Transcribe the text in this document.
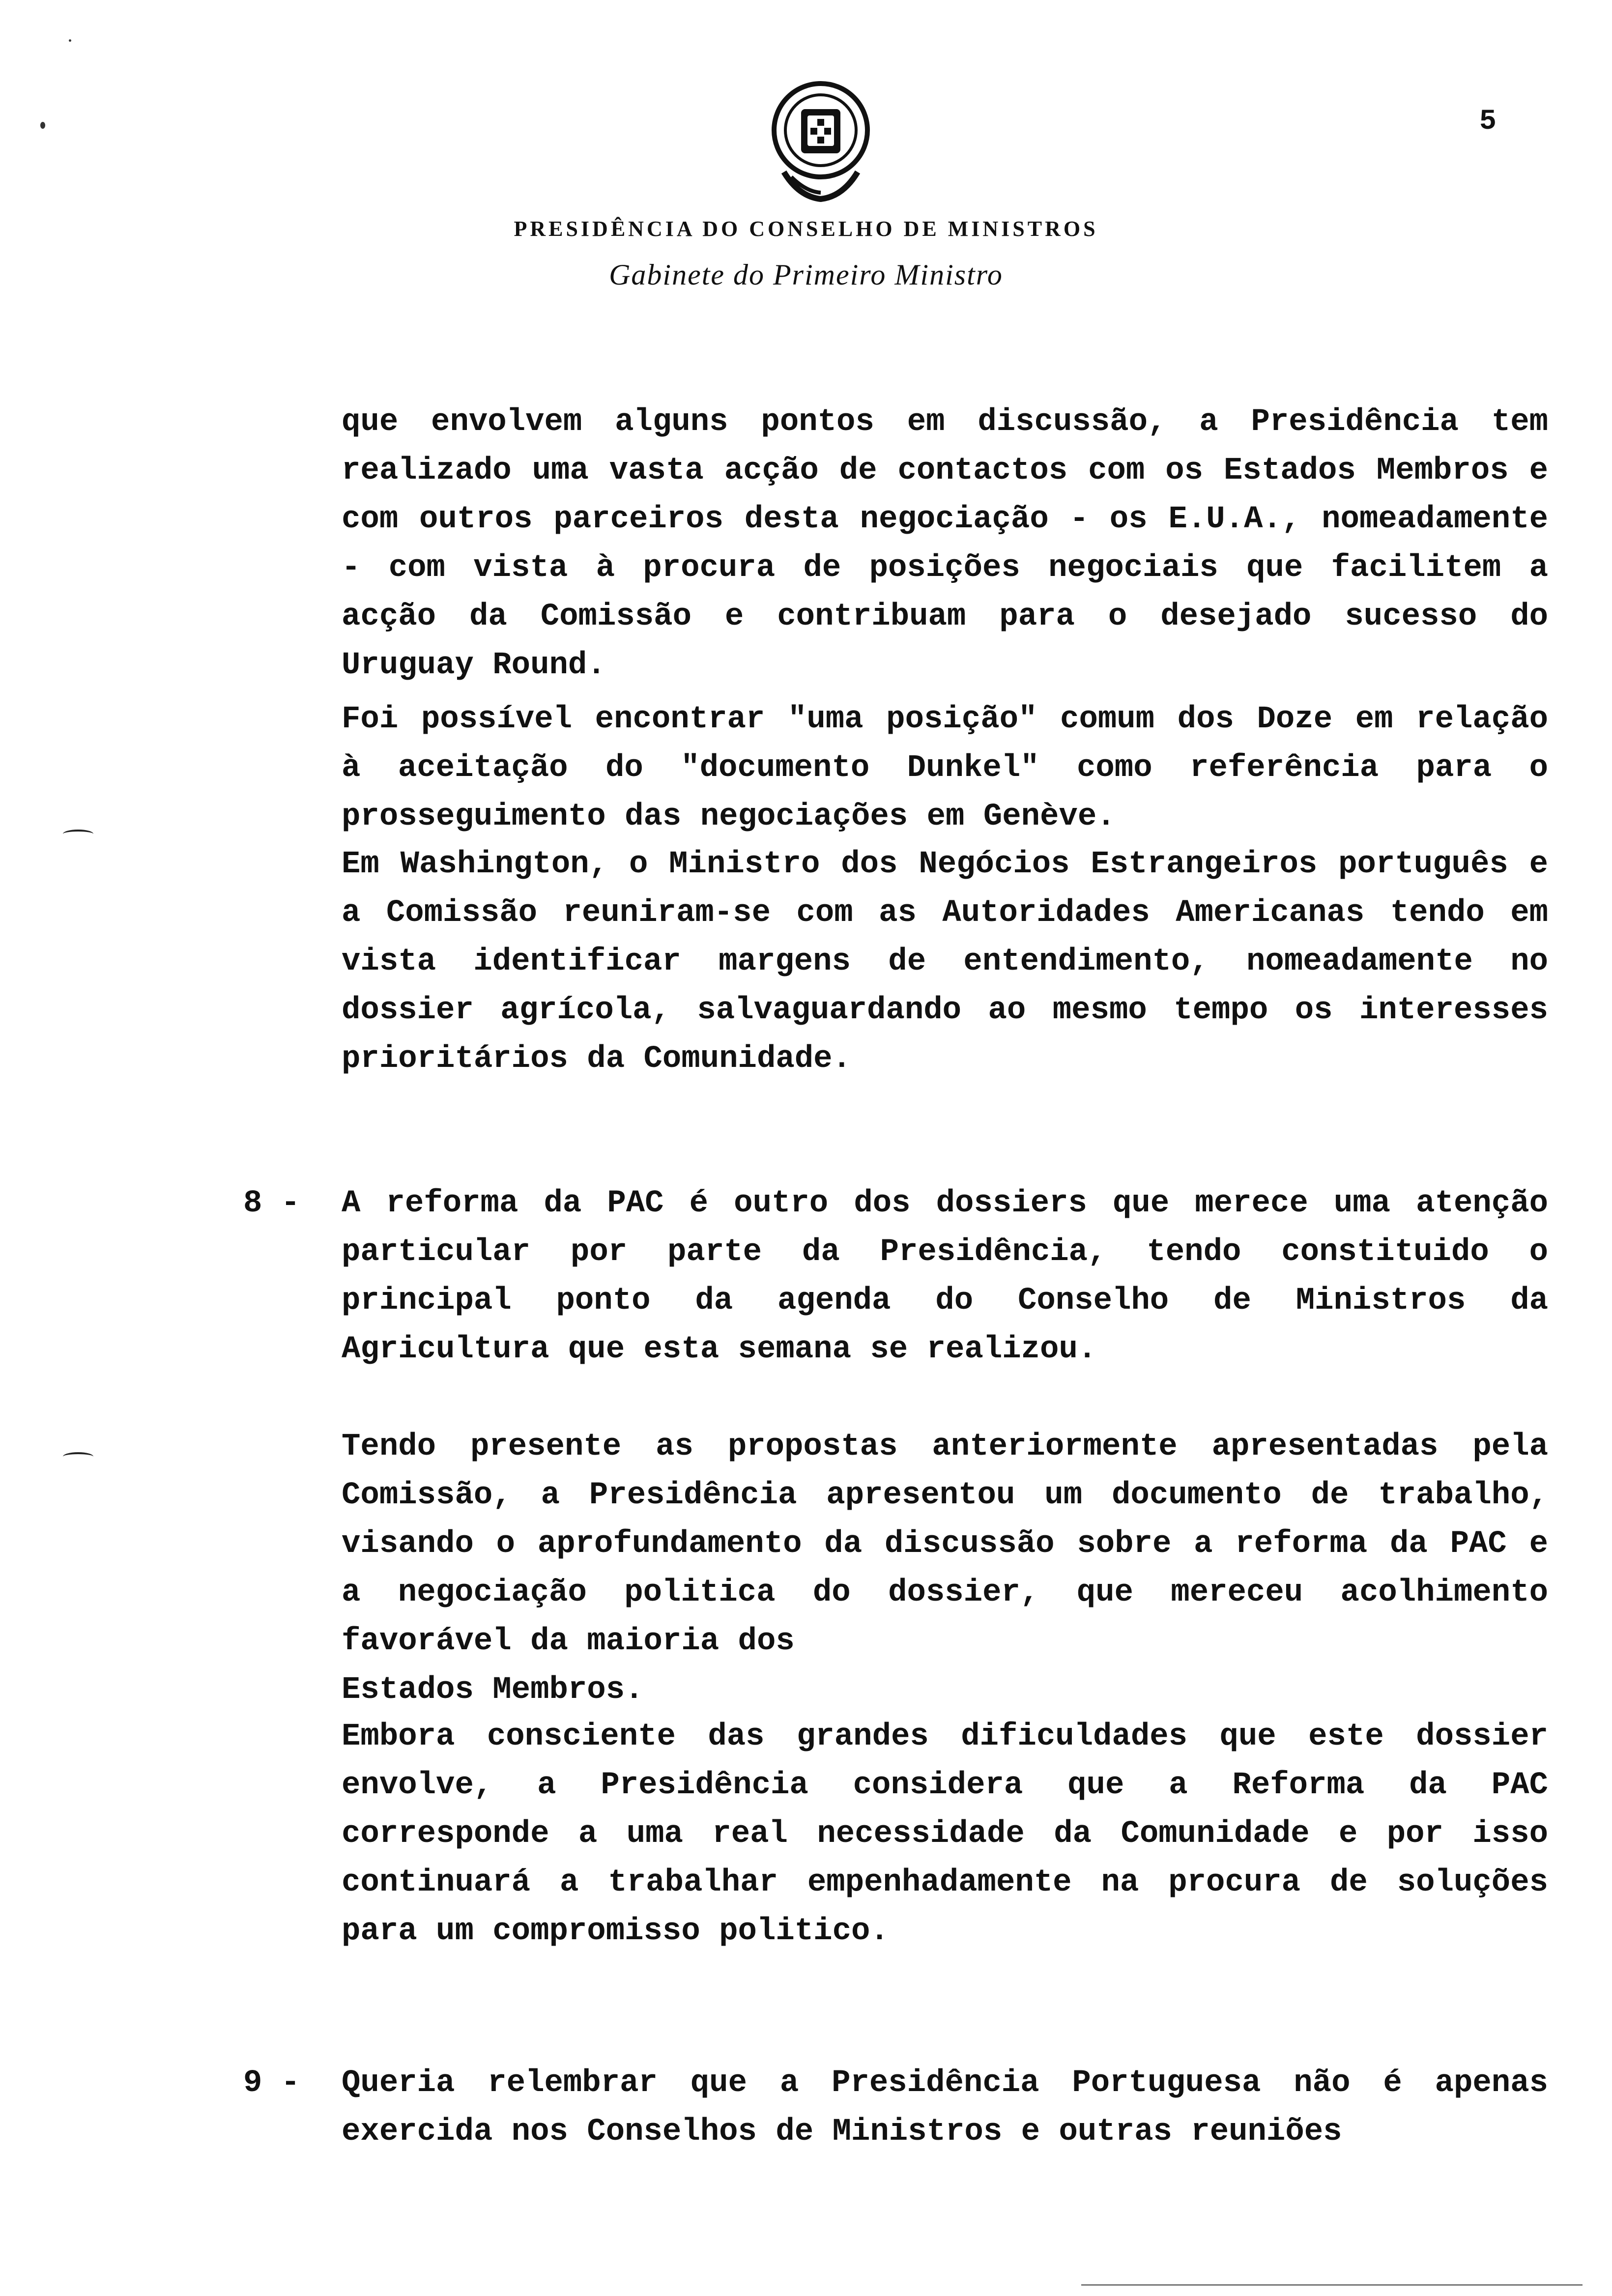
5
PRESIDÊNCIA DO CONSELHO DE MINISTROS
Gabinete do Primeiro Ministro

que envolvem alguns pontos em discussão, a Presidência tem realizado uma vasta acção de contactos com os Estados Membros e com outros parceiros desta negociação - os E.U.A., nomeadamente - com vista à procura de posições negociais que facilitem a acção da Comissão e contribuam para o desejado sucesso do Uruguay Round.

Foi possível encontrar "uma posição" comum dos Doze em relação à aceitação do "documento Dunkel" como referência para o prosseguimento das negociações em Genève.

Em Washington, o Ministro dos Negócios Estrangeiros português e a Comissão reuniram-se com as Autoridades Americanas tendo em vista identificar margens de entendimento, nomeadamente no dossier agrícola, salvaguardando ao mesmo tempo os interesses prioritários da Comunidade.

8 - A reforma da PAC é outro dos dossiers que merece uma atenção particular por parte da Presidência, tendo constituido o principal ponto da agenda do Conselho de Ministros da Agricultura que esta semana se realizou.

Tendo presente as propostas anteriormente apresentadas pela Comissão, a Presidência apresentou um documento de trabalho, visando o aprofundamento da discussão sobre a reforma da PAC e a negociação politica do dossier, que mereceu acolhimento favorável da maioria dos

Estados Membros.

Embora consciente das grandes dificuldades que este dossier envolve, a Presidência considera que a Reforma da PAC corresponde a uma real necessidade da Comunidade e por isso continuará a trabalhar empenhadamente na procura de soluções para um compromisso politico.

9 - Queria relembrar que a Presidência Portuguesa não é apenas exercida nos Conselhos de Ministros e outras reuniões
